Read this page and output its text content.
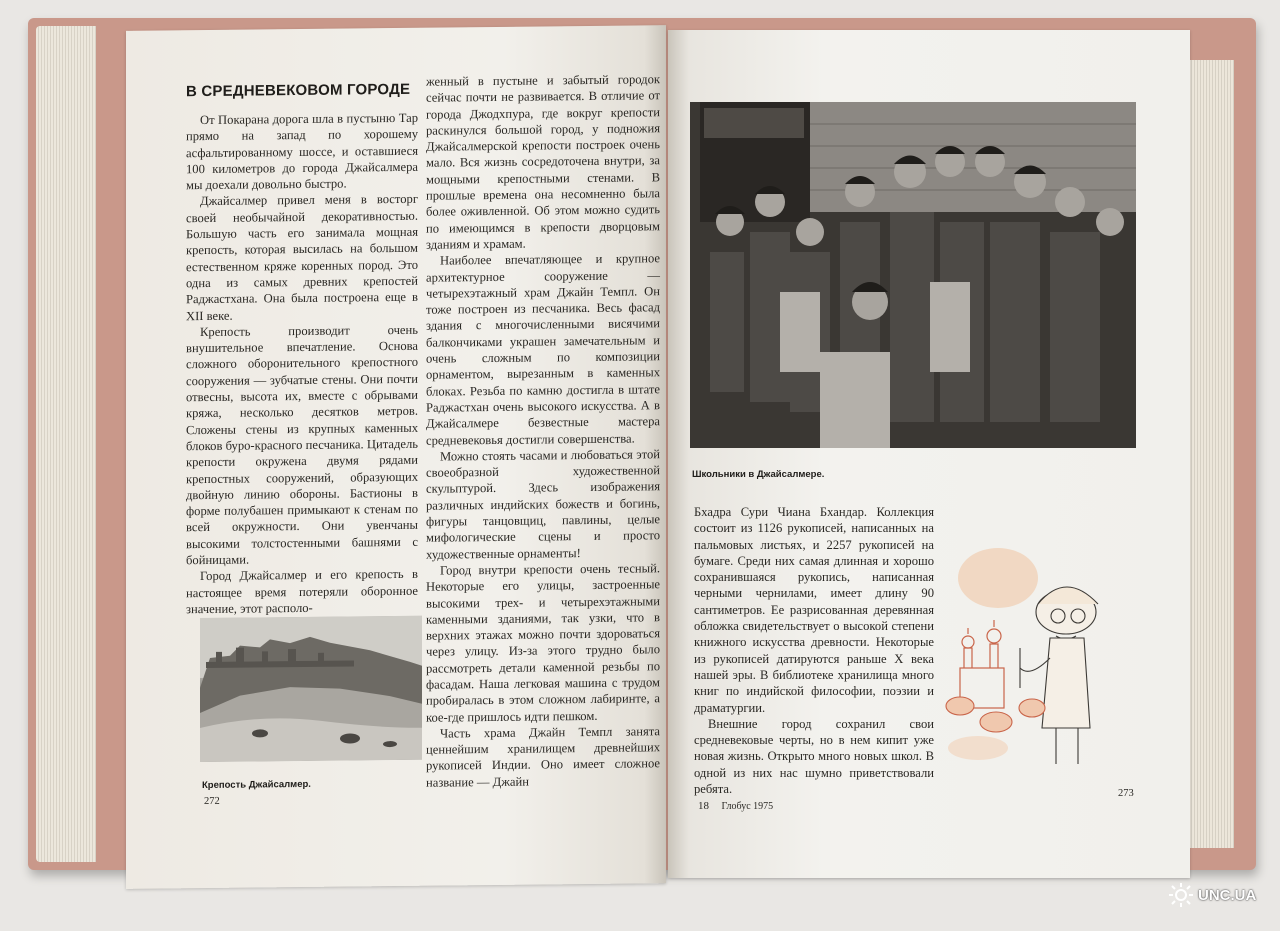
В СРЕДНЕВЕКОВОМ ГОРОДЕ

От Покарана дорога шла в пустыню Тар прямо на запад по хорошему асфальтированному шоссе, и оставшиеся 100 километров до города Джайсалмера мы доехали довольно быстро.

Джайсалмер привел меня в восторг своей необычайной декоративностью. Большую часть его занимала мощная крепость, которая высилась на большом естественном кряже коренных пород. Это одна из самых древних крепостей Раджастхана. Она была построена еще в XII веке.

Крепость производит очень внушительное впечатление. Основа сложного оборонительного крепостного сооружения — зубчатые стены. Они почти отвесны, высота их, вместе с обрывами кряжа, несколько десятков метров. Сложены стены из крупных каменных блоков буро-красного песчаника. Цитадель крепости окружена двумя рядами крепостных сооружений, образующих двойную линию обороны. Бастионы в форме полубашен примыкают к стенам по всей окружности. Они увенчаны высокими толстостенными башнями с бойницами.

Город Джайсалмер и его крепость в настоящее время потеряли оборонное значение, этот располо-

женный в пустыне и забытый городок сейчас почти не развивается. В отличие от города Джодхпура, где вокруг крепости раскинулся большой город, у подножия Джайсалмерской крепости построек очень мало. Вся жизнь сосредоточена внутри, за мощными крепостными стенами. В прошлые времена она несомненно была более оживленной. Об этом можно судить по имеющимся в крепости дворцовым зданиям и храмам.

Наиболее впечатляющее и крупное архитектурное сооружение — четырехэтажный храм Джайн Темпл. Он тоже построен из песчаника. Весь фасад здания с многочисленными висячими балкончиками украшен замечательным и очень сложным по композиции орнаментом, вырезанным в каменных блоках. Резьба по камню достигла в штате Раджастхан очень высокого искусства. А в Джайсалмере безвестные мастера средневековья достигли совершенства.

Можно стоять часами и любоваться этой своеобразной художественной скульптурой. Здесь изображения различных индийских божеств и богинь, фигуры танцовщиц, павлины, целые мифологические сцены и просто художественные орнаменты!

Город внутри крепости очень тесный. Некоторые его улицы, застроенные высокими трех- и четырехэтажными каменными зданиями, так узки, что в верхних этажах можно почти здороваться через улицу. Из-за этого трудно было рассмотреть детали каменной резьбы по фасадам. Наша легковая машина с трудом пробиралась в этом сложном лабиринте, а кое-где пришлось идти пешком.

Часть храма Джайн Темпл занята ценнейшим хранилищем древнейших рукописей Индии. Оно имеет сложное название — Джайн

Крепость Джайсалмер.
272
Школьники в Джайсалмере.

Бхадра Сури Чиана Бхандар. Коллекция состоит из 1126 рукописей, написанных на пальмовых листьях, и 2257 рукописей на бумаге. Среди них самая длинная и хорошо сохранившаяся рукопись, написанная черными чернилами, имеет длину 90 сантиметров. Ее разрисованная деревянная обложка свидетельствует о высокой степени книжного искусства древности. Некоторые из рукописей датируются раньше X века нашей эры. В библиотеке хранилища много книг по индийской философии, поэзии и драматургии.

Внешние город сохранил свои средневековые черты, но в нем кипит уже новая жизнь. Открыто много новых школ. В одной из них нас шумно приветствовали ребята.

18 Глобус 1975
273
UNC.UA
